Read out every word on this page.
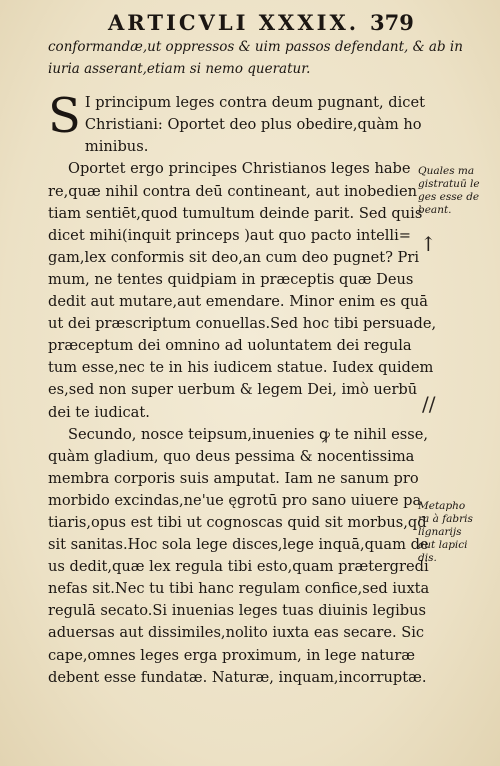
ARTICVLI XXXIX. 379
conformandæ,ut oppressos & uim passos defendant, & ab in
iuria asserant,etiam si nemo queratur.
S I principum leges contra deum pugnant, dicet
Christiani: Oportet deo plus obedire,quàm ho
minibus.
Oportet ergo principes Christianos leges habe
re,quæ nihil contra deū contineant, aut inobedien
tiam sentiēt,quod tumultum deinde parit. Sed quis
dicet mihi(inquit princeps )aut quo pacto intelli=
gam,lex conformis sit deo,an cum deo pugnet? Pri
mum, ne tentes quidpiam in præceptis quæ Deus
dedit aut mutare,aut emendare. Minor enim es quā
ut dei præscriptum conuellas.Sed hoc tibi persuade,
præceptum dei omnino ad uoluntatem dei regula
tum esse,nec te in his iudicem statue. Iudex quidem
es,sed non super uerbum & legem Dei, imò uerbū
dei te iudicat.
Secundo, nosce teipsum,inuenies ꝙ te nihil esse,
quàm gladium, quo deus pessima & nocentissima
membra corporis suis amputat. Iam ne sanum pro
morbido excindas,ne'ue ęgrotū pro sano uiuere pa
tiaris,opus est tibi ut cognoscas quid sit morbus,qd
sit sanitas.Hoc sola lege disces,lege inquā,quam de
us dedit,quæ lex regula tibi esto,quam prætergredi
nefas sit.Nec tu tibi hanc regulam confice,sed iuxta
regulā secato.Si inuenias leges tuas diuinis legibus
aduersas aut dissimiles,nolito iuxta eas secare. Sic
cape,omnes leges erga proximum, in lege naturæ
debent esse fundatæ. Naturæ, inquam,incorruptæ.
Quales ma
gistratuū le
ges esse de
beant.
↑
//
Metapho
ra à fabris
lignarijs
aut lapici
dis.
